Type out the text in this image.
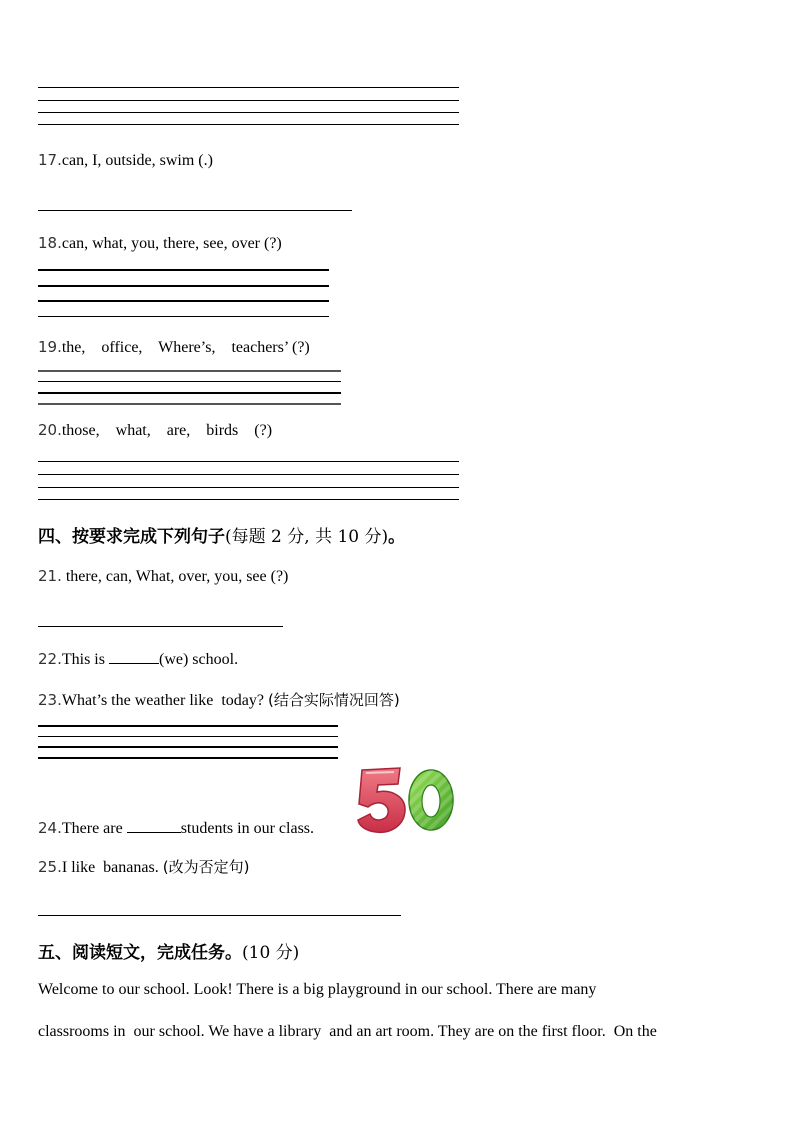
17.can, I, outside, swim (.)
18.can, what, you, there, see, over (?)
19.the,    office,    Where’s,    teachers’ (?)
20.those,    what,    are,    birds    (?)
四、按要求完成下列句子(每题 2 分, 共 10 分)。
21. there, can, What, over, you, see (?)
22.This is	(we) school.
23.What’s the weather like  today? (结合实际情况回答)
24.There are	students in our class.
25.I like  bananas. (改为否定句)
五、阅读短文，完成任务。(10 分)
Welcome to our school. Look! There is a big playground in our school. There are many
classrooms in  our school. We have a library  and an art room. They are on the first floor.  On the
